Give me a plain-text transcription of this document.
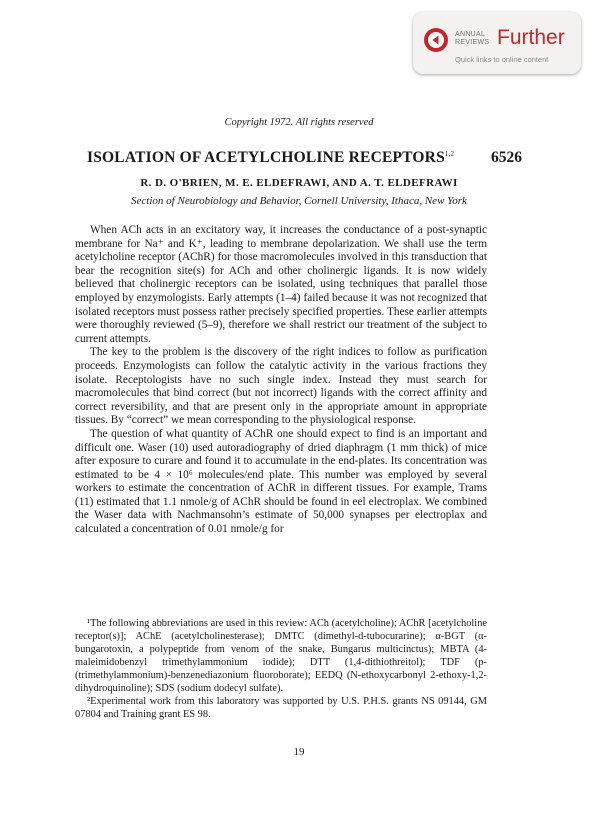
ANNUAL
REVIEWS Further
Quick links to online content
Copyright 1972. All rights reserved
ISOLATION OF ACETYLCHOLINE RECEPTORS$^{1,2}$ 6526
R. D. O'BRIEN, M. E. ELDEFRAWI, AND A. T. ELDEFRAWI
Section of Neurobiology and Behavior, Cornell University, Ithaca, New York

When ACh acts in an excitatory way, it increases the conductance of a post-synaptic membrane for Na⁺ and K⁺, leading to membrane depolarization. We shall use the term acetylcholine receptor (AChR) for those macromolecules involved in this transduction that bear the recognition site(s) for ACh and other cholinergic ligands. It is now widely believed that cholinergic receptors can be isolated, using techniques that parallel those employed by enzymologists. Early attempts (1–4) failed because it was not recognized that isolated receptors must possess rather precisely specified properties. These earlier attempts were thoroughly reviewed (5–9), therefore we shall restrict our treatment of the subject to current attempts.

The key to the problem is the discovery of the right indices to follow as purification proceeds. Enzymologists can follow the catalytic activity in the various fractions they isolate. Receptologists have no such single index. Instead they must search for macromolecules that bind correct (but not incorrect) ligands with the correct affinity and correct reversibility, and that are present only in the appropriate amount in appropriate tissues. By “correct” we mean corresponding to the physiological response.

The question of what quantity of AChR one should expect to find is an important and difficult one. Waser (10) used autoradiography of dried diaphragm (1 mm thick) of mice after exposure to curare and found it to accumulate in the end-plates. Its concentration was estimated to be 4 × 10⁶ molecules/end plate. This number was employed by several workers to estimate the concentration of AChR in different tissues. For example, Trams (11) estimated that 1.1 nmole/g of AChR should be found in eel electroplax. We combined the Waser data with Nachmansohn’s estimate of 50,000 synapses per electroplax and calculated a concentration of 0.01 nmole/g for

¹The following abbreviations are used in this review: ACh (acetylcholine); AChR [acetylcholine receptor(s)]; AChE (acetylcholinesterase); DMTC (dimethyl-d-tubocurarine); α-BGT (α-bungarotoxin, a polypeptide from venom of the snake, Bungarus multicinctus); MBTA (4-maleimidobenzyl trimethylammonium iodide); DTT (1,4-dithiothreitol); TDF (p-(trimethylammonium)-benzenediazonium fluoroborate); EEDQ (N-ethoxycarbonyl 2-ethoxy-1,2-dihydroquinoline); SDS (sodium dodecyl sulfate).

²Experimental work from this laboratory was supported by U.S. P.H.S. grants NS 09144, GM 07804 and Training grant ES 98.

19
